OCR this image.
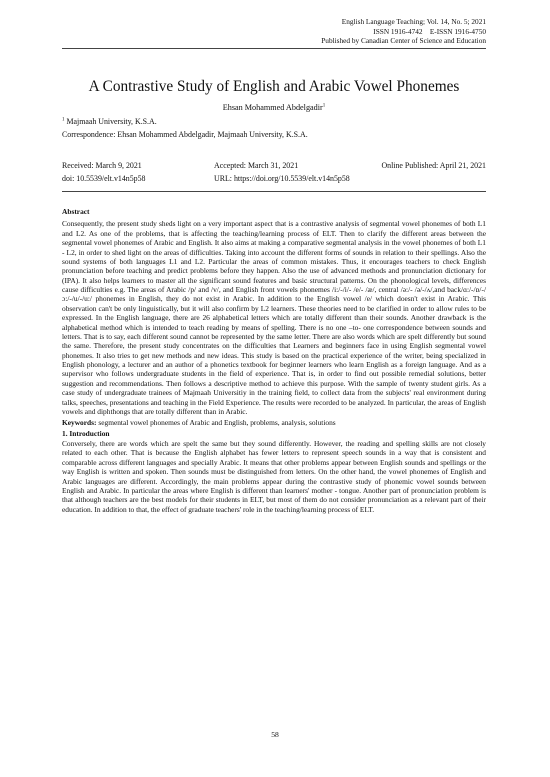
English Language Teaching; Vol. 14, No. 5; 2021
ISSN 1916-4742    E-ISSN 1916-4750
Published by Canadian Center of Science and Education
A Contrastive Study of English and Arabic Vowel Phonemes
Ehsan Mohammed Abdelgadir$^1$
$^1$ Majmaah University, K.S.A.
Correspondence: Ehsan Mohammed Abdelgadir, Majmaah University, K.S.A.
Received: March 9, 2021	Accepted: March 31, 2021	Online Published: April 21, 2021
doi: 10.5539/elt.v14n5p58	URL: https://doi.org/10.5539/elt.v14n5p58
Abstract

Consequently, the present study sheds light on a very important aspect that is a contrastive analysis of segmental vowel phonemes of both L1 and L2. As one of the problems, that is affecting the teaching/learning process of ELT. Then to clarify the different areas between the segmental vowel phonemes of Arabic and English. It also aims at making a comparative segmental analysis in the vowel phonemes of both L1 - L2, in order to shed light on the areas of difficulties. Taking into account the different forms of sounds in relation to their spellings. Also the sound systems of both languages L1 and L2. Particular the areas of common mistakes. Thus, it encourages teachers to check English pronunciation before teaching and predict problems before they happen. Also the use of advanced methods and pronunciation dictionary for (IPA). It also helps learners to master all the significant sound features and basic structural patterns. On the phonological levels, differences cause difficulties e.g. The areas of Arabic /p/ and /v/, and English front vowels phonemes /i:/-/i/- /e/- /æ/, central /ə:/- /ə/-/ʌ/,and back/ɑ:/-/ɒ/-/ ɔ:/-/u/-/u:/ phonemes in English, they do not exist in Arabic. In addition to the English vowel /e/ which doesn't exist in Arabic. This observation can't be only linguistically, but it will also confirm by L2 learners. These theories need to be clarified in order to allow rules to be expressed. In the English language, there are 26 alphabetical letters which are totally different than their sounds. Another drawback is the alphabetical method which is intended to teach reading by means of spelling. There is no one –to- one correspondence between sounds and letters. That is to say, each different sound cannot be represented by the same letter. There are also words which are spelt differently but sound the same. Therefore, the present study concentrates on the difficulties that Learners and beginners face in using English segmental vowel phonemes. It also tries to get new methods and new ideas. This study is based on the practical experience of the writer, being specialized in English phonology, a lecturer and an author of a phonetics textbook for beginner learners who learn English as a foreign language. And as a supervisor who follows undergraduate students in the field of experience. That is, in order to find out possible remedial solutions, better suggestion and recommendations. Then follows a descriptive method to achieve this purpose. With the sample of twenty student girls. As a case study of undergraduate trainees of Majmaah Universitiy in the training field, to collect data from the subjects' real environment during talks, speeches, presentations and teaching in the Field Experience. The results were recorded to be analyzed. In particular, the areas of English vowels and diphthongs that are totally different than in Arabic.

Keywords: segmental vowel phonemes of Arabic and English, problems, analysis, solutions
1. Introduction

Conversely, there are words which are spelt the same but they sound differently. However, the reading and spelling skills are not closely related to each other. That is because the English alphabet has fewer letters to represent speech sounds in a way that is consistent and comparable across different languages and specially Arabic. It means that other problems appear between English sounds and spellings or the way English is written and spoken. Then sounds must be distinguished from letters. On the other hand, the vowel phonemes of English and Arabic languages are different. Accordingly, the main problems appear during the contrastive study of phonemic vowel sounds between English and Arabic. In particular the areas where English is different than learners' mother - tongue. Another part of pronunciation problem is that although teachers are the best models for their students in ELT, but most of them do not consider pronunciation as a relevant part of their education. In addition to that, the effect of graduate teachers' role in the teaching/learning process of ELT.

58
